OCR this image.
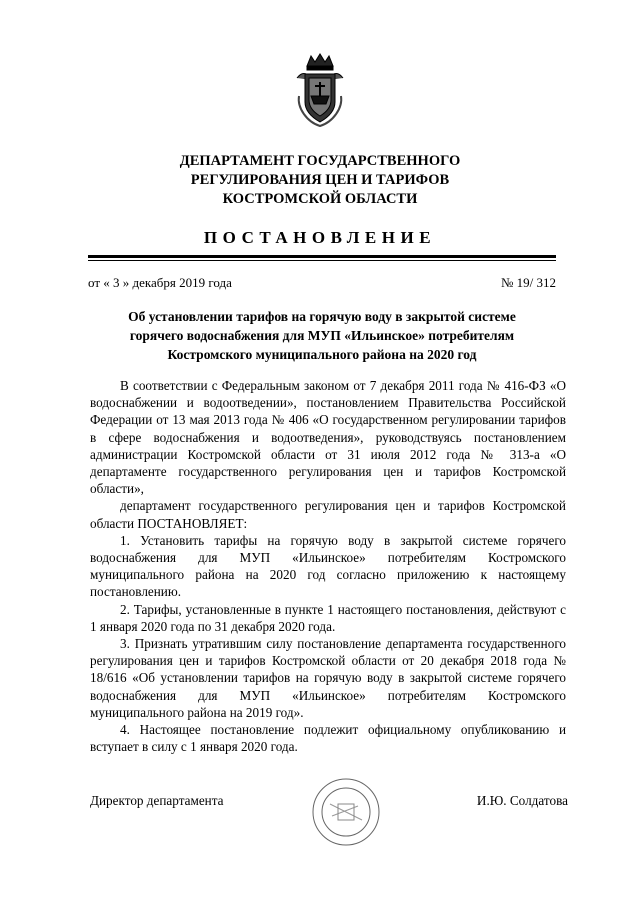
ДЕПАРТАМЕНТ ГОСУДАРСТВЕННОГО
РЕГУЛИРОВАНИЯ ЦЕН И ТАРИФОВ
КОСТРОМСКОЙ ОБЛАСТИ
ПОСТАНОВЛЕНИЕ
от « 3 » декабря 2019 года	№ 19/ 312
Об установлении тарифов на горячую воду в закрытой системе
горячего водоснабжения для МУП «Ильинское» потребителям
Костромского муниципального района на 2020 год

В соответствии с Федеральным законом от 7 декабря 2011 года № 416-ФЗ «О водоснабжении и водоотведении», постановлением Правительства Российской Федерации от 13 мая 2013 года № 406 «О государственном регулировании тарифов в сфере водоснабжения и водоотведения», руководствуясь постановлением администрации Костромской области от 31 июля 2012 года № 313-а «О департаменте государственного регулирования цен и тарифов Костромской области»,

департамент государственного регулирования цен и тарифов Костромской области ПОСТАНОВЛЯЕТ:

1. Установить тарифы на горячую воду в закрытой системе горячего водоснабжения для МУП «Ильинское» потребителям Костромского муниципального района на 2020 год согласно приложению к настоящему постановлению.

2. Тарифы, установленные в пункте 1 настоящего постановления, действуют с 1 января 2020 года по 31 декабря 2020 года.

3. Признать утратившим силу постановление департамента государственного регулирования цен и тарифов Костромской области от 20 декабря 2018 года № 18/616 «Об установлении тарифов на горячую воду в закрытой системе горячего водоснабжения для МУП «Ильинское» потребителям Костромского муниципального района на 2019 год».

4. Настоящее постановление подлежит официальному опубликованию и вступает в силу с 1 января 2020 года.

Директор департамента	И.Ю. Солдатова
